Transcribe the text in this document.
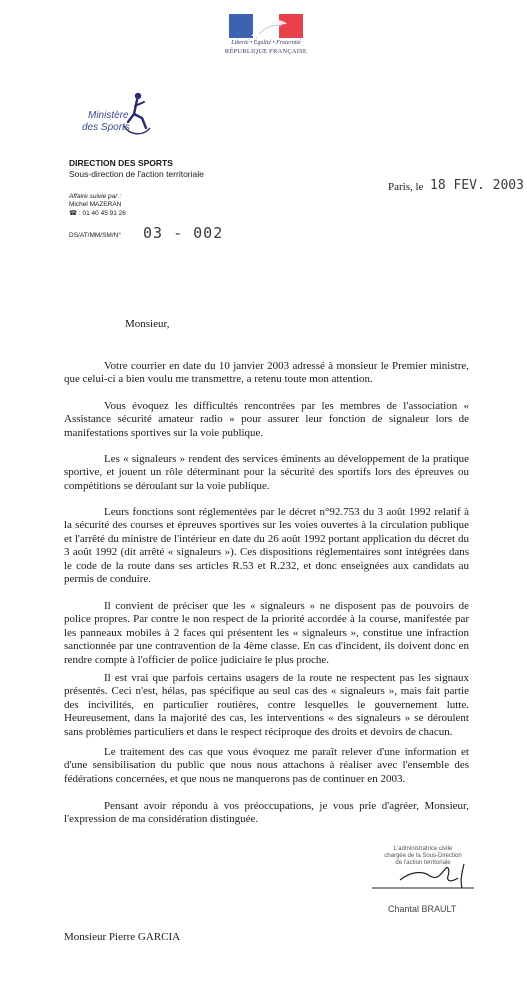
Liberté • Égalité • Fraternité
RÉPUBLIQUE FRANÇAISE
Ministère
des Sports
DIRECTION DES SPORTS
Sous-direction de l'action territoriale
Affaire suivie par :
Michel MAZERAN
☎ : 01 40 45 91 26
DS/AT/MM/SM/N° 03 - 002
Paris, le 18 FEV. 2003
Monsieur,
Votre courrier en date du 10 janvier 2003 adressé à monsieur le Premier ministre, que celui-ci a bien voulu me transmettre, a retenu toute mon attention.
Vous évoquez les difficultés rencontrées par les membres de l'association « Assistance sécurité amateur radio » pour assurer leur fonction de signaleur lors de manifestations sportives sur la voie publique.
Les « signaleurs » rendent des services éminents au développement de la pratique sportive, et jouent un rôle déterminant pour la sécurité des sportifs lors des épreuves ou compétitions se déroulant sur la voie publique.
Leurs fonctions sont réglementées par le décret n°92.753 du 3 août 1992 relatif à la sécurité des courses et épreuves sportives sur les voies ouvertes à la circulation publique et l'arrêté du ministre de l'intérieur en date du 26 août 1992 portant application du décret du 3 août 1992 (dit arrêté « signaleurs »). Ces dispositions réglementaires sont intégrées dans le code de la route dans ses articles R.53 et R.232, et donc enseignées aux candidats au permis de conduire.
Il convient de préciser que les « signaleurs » ne disposent pas de pouvoirs de police propres. Par contre le non respect de la priorité accordée à la course, manifestée par les panneaux mobiles à 2 faces qui présentent les « signaleurs », constitue une infraction sanctionnée par une contravention de la 4ème classe. En cas d'incident, ils doivent donc en rendre compte à l'officier de police judiciaire le plus proche.
Il est vrai que parfois certains usagers de la route ne respectent pas les signaux présentés. Ceci n'est, hélas, pas spécifique au seul cas des « signaleurs », mais fait partie des incivilités, en particulier routières, contre lesquelles le gouvernement lutte. Heureusement, dans la majorité des cas, les interventions « des signaleurs » se déroulent sans problèmes particuliers et dans le respect réciproque des droits et devoirs de chacun.
Le traitement des cas que vous évoquez me paraît relever d'une information et d'une sensibilisation du public que nous nous attachons à réaliser avec l'ensemble des fédérations concernées, et que nous ne manquerons pas de continuer en 2003.
Pensant avoir répondu à vos préoccupations, je vous prie d'agréer, Monsieur, l'expression de ma considération distinguée.
L'administratrice civile
chargée de la Sous-Direction
de l'action territoriale
Chantal BRAULT
Monsieur Pierre GARCIA
